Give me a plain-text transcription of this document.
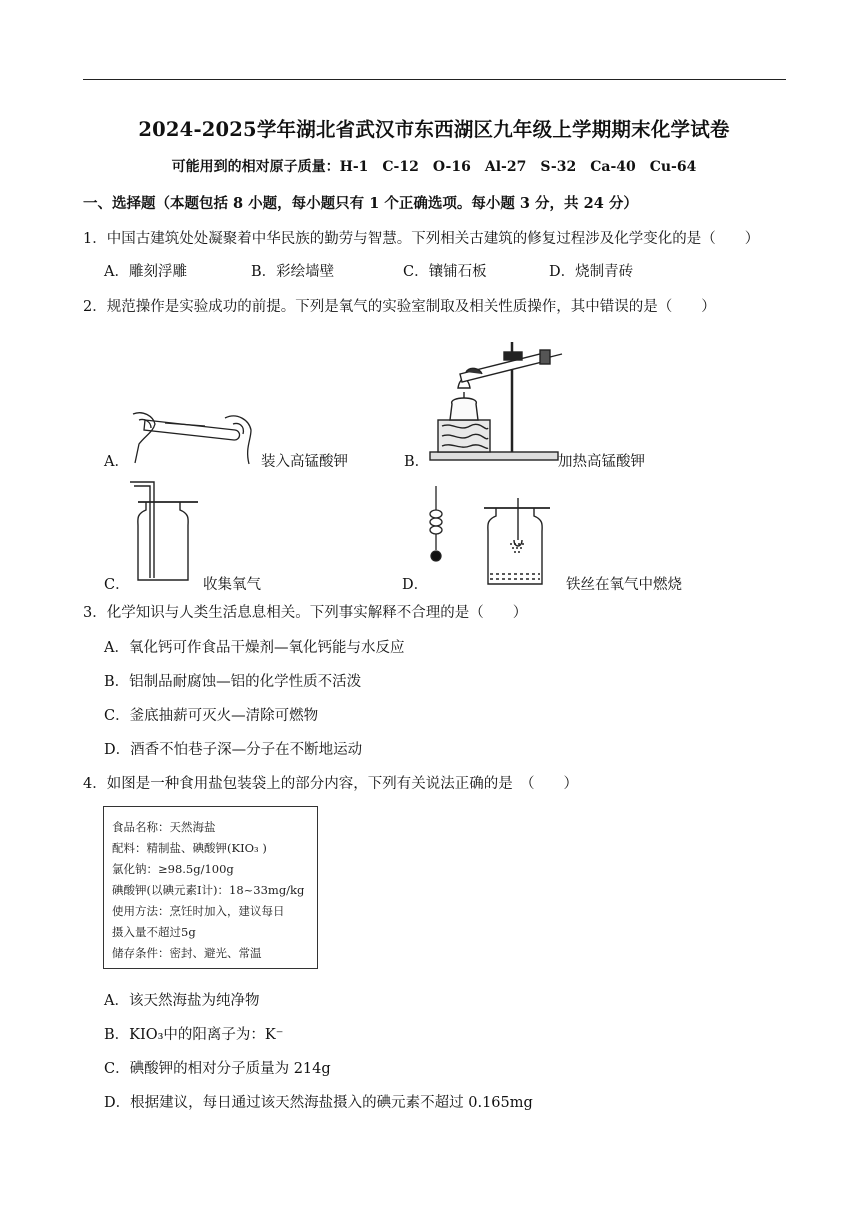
2024-2025学年湖北省武汉市东西湖区九年级上学期期末化学试卷
可能用到的相对原子质量：H-1　C-12　O-16　Al-27　S-32　Ca-40　Cu-64
一、选择题（本题包括 8 小题，每小题只有 1 个正确选项。每小题 3 分，共 24 分）
1．中国古建筑处处凝聚着中华民族的勤劳与智慧。下列相关古建筑的修复过程涉及化学变化的是（　　）
A．雕刻浮雕	B．彩绘墙壁	C．镶铺石板	D．烧制青砖
2．规范操作是实验成功的前提。下列是氧气的实验室制取及相关性质操作，其中错误的是（　　）
A．	装入高锰酸钾	B．	加热高锰酸钾
C．	收集氧气	D．	铁丝在氧气中燃烧
3．化学知识与人类生活息息相关。下列事实解释不合理的是（　　）
A．氧化钙可作食品干燥剂—氧化钙能与水反应
B．铝制品耐腐蚀—铝的化学性质不活泼
C．釜底抽薪可灭火—清除可燃物
D．酒香不怕巷子深—分子在不断地运动
4．如图是一种食用盐包装袋上的部分内容，下列有关说法正确的是　（　　）
食品名称：天然海盐
配料：精制盐、碘酸钾(KIO₃ )
氯化钠：≥98.5g/100g
碘酸钾(以碘元素I计)：18~33mg/kg
使用方法：烹饪时加入，建议每日
摄入量不超过5g
储存条件：密封、避光、常温
A．该天然海盐为纯净物
B．KIO₃中的阳离子为：K⁻
C．碘酸钾的相对分子质量为 214g
D．根据建议，每日通过该天然海盐摄入的碘元素不超过 0.165mg
